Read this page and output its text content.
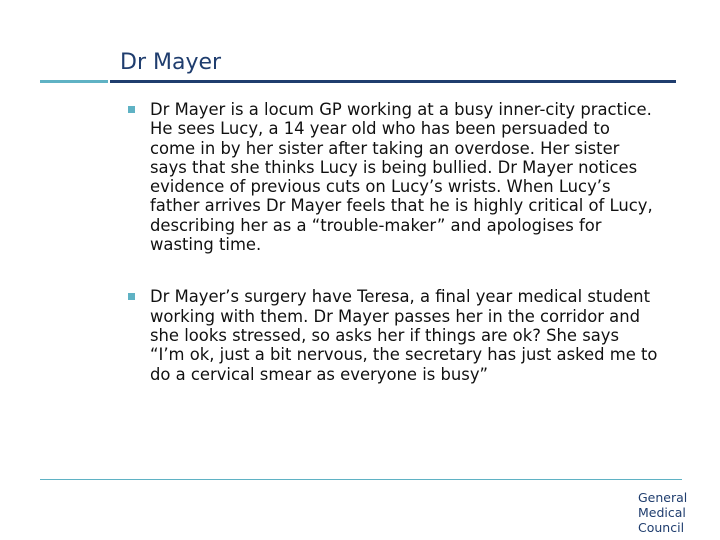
Dr Mayer
Dr Mayer is a locum GP working at a busy inner-city practice. He sees Lucy, a 14 year old who has been persuaded to come in by her sister after taking an overdose. Her sister says that she thinks Lucy is being bullied. Dr Mayer notices evidence of previous cuts on Lucy’s wrists. When Lucy’s father arrives Dr Mayer feels that he is highly critical of Lucy, describing her as a “trouble-maker” and apologises for wasting time.
Dr Mayer’s surgery have Teresa, a final year medical student working with them. Dr Mayer passes her in the corridor and she looks stressed, so asks her if things are ok? She says “I’m ok, just a bit nervous, the secretary has just asked me to do a cervical smear as everyone is busy”
General
Medical
Council
